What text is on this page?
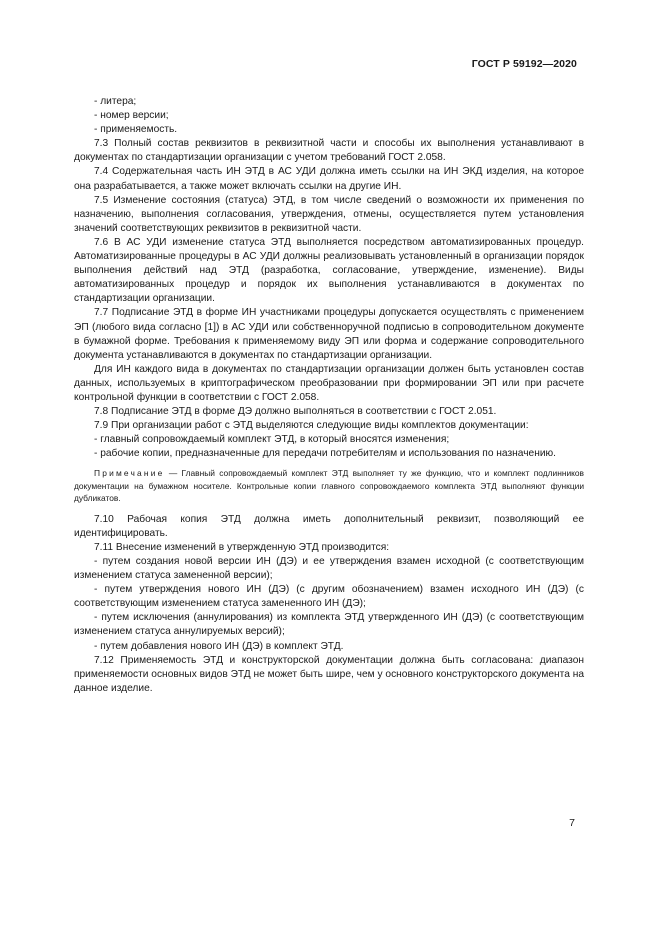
ГОСТ Р 59192—2020

- литера;

- номер версии;

- применяемость.

7.3 Полный состав реквизитов в реквизитной части и способы их выполнения устанавливают в документах по стандартизации организации с учетом требований ГОСТ 2.058.

7.4 Содержательная часть ИН ЭТД в АС УДИ должна иметь ссылки на ИН ЭКД изделия, на которое она разрабатывается, а также может включать ссылки на другие ИН.

7.5 Изменение состояния (статуса) ЭТД, в том числе сведений о возможности их применения по назначению, выполнения согласования, утверждения, отмены, осуществляется путем установления значений соответствующих реквизитов в реквизитной части.

7.6 В АС УДИ изменение статуса ЭТД выполняется посредством автоматизированных процедур. Автоматизированные процедуры в АС УДИ должны реализовывать установленный в организации порядок выполнения действий над ЭТД (разработка, согласование, утверждение, изменение). Виды автоматизированных процедур и порядок их выполнения устанавливаются в документах по стандартизации организации.

7.7 Подписание ЭТД в форме ИН участниками процедуры допускается осуществлять с применением ЭП (любого вида согласно [1]) в АС УДИ или собственноручной подписью в сопроводительном документе в бумажной форме. Требования к применяемому виду ЭП или форма и содержание сопроводительного документа устанавливаются в документах по стандартизации организации.

Для ИН каждого вида в документах по стандартизации организации должен быть установлен состав данных, используемых в криптографическом преобразовании при формировании ЭП или при расчете контрольной функции в соответствии с ГОСТ 2.058.

7.8 Подписание ЭТД в форме ДЭ должно выполняться в соответствии с ГОСТ 2.051.

7.9 При организации работ с ЭТД выделяются следующие виды комплектов документации:

- главный сопровождаемый комплект ЭТД, в который вносятся изменения;

- рабочие копии, предназначенные для передачи потребителям и использования по назначению.

Примечание — Главный сопровождаемый комплект ЭТД выполняет ту же функцию, что и комплект подлинников документации на бумажном носителе. Контрольные копии главного сопровождаемого комплекта ЭТД выполняют функции дубликатов.

7.10 Рабочая копия ЭТД должна иметь дополнительный реквизит, позволяющий ее идентифицировать.

7.11 Внесение изменений в утвержденную ЭТД производится:

- путем создания новой версии ИН (ДЭ) и ее утверждения взамен исходной (с соответствующим изменением статуса замененной версии);

- путем утверждения нового ИН (ДЭ) (с другим обозначением) взамен исходного ИН (ДЭ) (с соответствующим изменением статуса замененного ИН (ДЭ);

- путем исключения (аннулирования) из комплекта ЭТД утвержденного ИН (ДЭ) (с соответствующим изменением статуса аннулируемых версий);

- путем добавления нового ИН (ДЭ) в комплект ЭТД.

7.12 Применяемость ЭТД и конструкторской документации должна быть согласована: диапазон применяемости основных видов ЭТД не может быть шире, чем у основного конструкторского документа на данное изделие.

7
